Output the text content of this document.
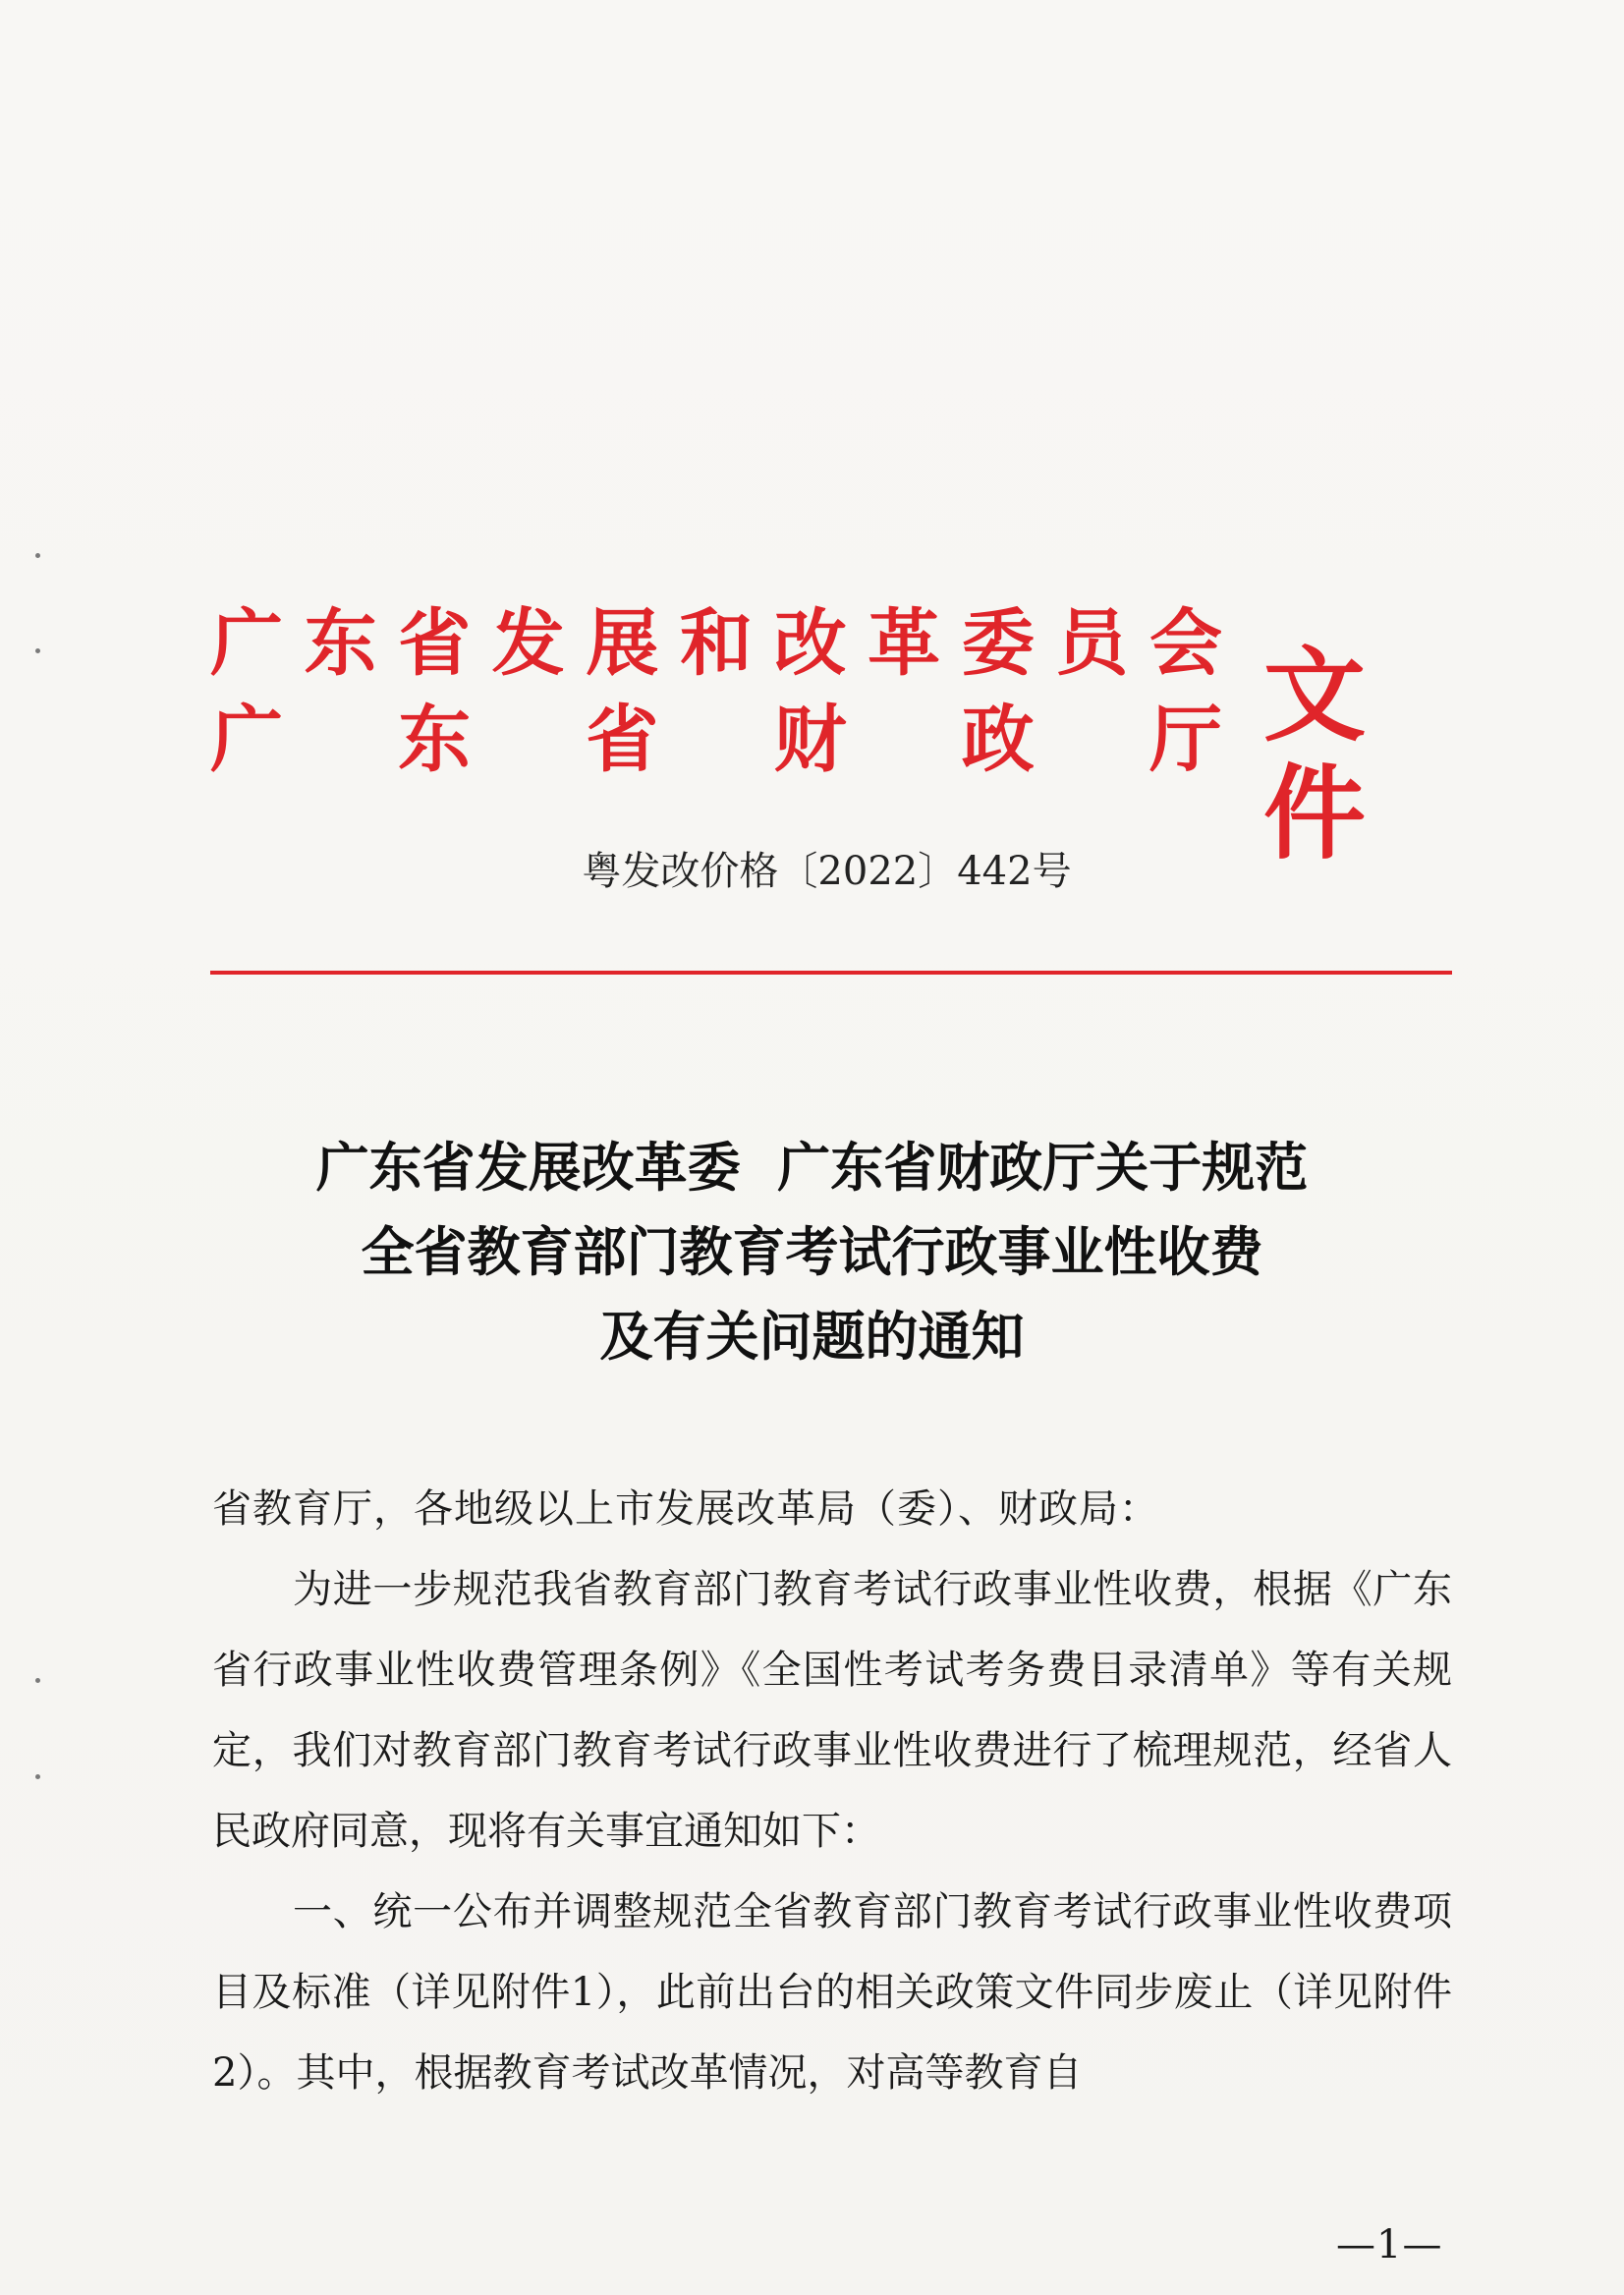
广 东 省 发 展 和 改 革 委 员 会
广 东 省 财 政 厅 文件
粤发改价格〔2022〕442号
广东省发展改革委  广东省财政厅关于规范
全省教育部门教育考试行政事业性收费
及有关问题的通知

省教育厅，各地级以上市发展改革局（委）、财政局：

为进一步规范我省教育部门教育考试行政事业性收费，根据《广东省行政事业性收费管理条例》《全国性考试考务费目录清单》等有关规定，我们对教育部门教育考试行政事业性收费进行了梳理规范，经省人民政府同意，现将有关事宜通知如下：

一、统一公布并调整规范全省教育部门教育考试行政事业性收费项目及标准（详见附件1），此前出台的相关政策文件同步废止（详见附件2）。其中，根据教育考试改革情况，对高等教育自

—1—
